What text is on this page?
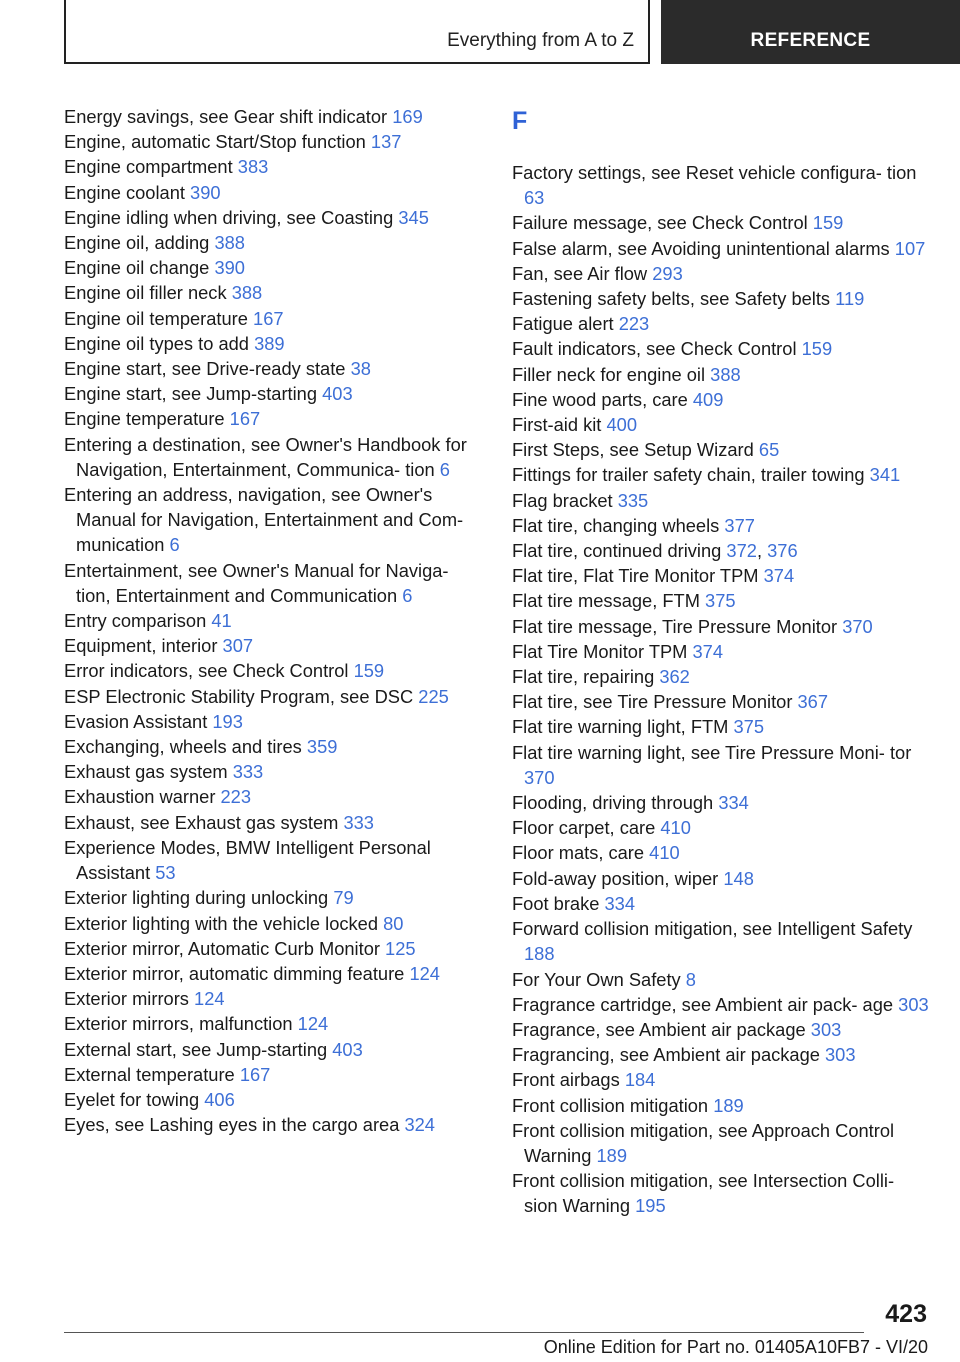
Everything from A to Z	REFERENCE
Energy savings, see Gear shift indicator 169
Engine, automatic Start/Stop function 137
Engine compartment 383
Engine coolant 390
Engine idling when driving, see Coasting 345
Engine oil, adding 388
Engine oil change 390
Engine oil filler neck 388
Engine oil temperature 167
Engine oil types to add 389
Engine start, see Drive-ready state 38
Engine start, see Jump-starting 403
Engine temperature 167
Entering a destination, see Owner's Handbook for Navigation, Entertainment, Communica‑ tion 6
Entering an address, navigation, see Owner's Manual for Navigation, Entertainment and Com‑ munication 6
Entertainment, see Owner's Manual for Naviga‑ tion, Entertainment and Communication 6
Entry comparison 41
Equipment, interior 307
Error indicators, see Check Control 159
ESP Electronic Stability Program, see DSC 225
Evasion Assistant 193
Exchanging, wheels and tires 359
Exhaust gas system 333
Exhaustion warner 223
Exhaust, see Exhaust gas system 333
Experience Modes, BMW Intelligent Personal Assistant 53
Exterior lighting during unlocking 79
Exterior lighting with the vehicle locked 80
Exterior mirror, Automatic Curb Monitor 125
Exterior mirror, automatic dimming feature 124
Exterior mirrors 124
Exterior mirrors, malfunction 124
External start, see Jump-starting 403
External temperature 167
Eyelet for towing 406
Eyes, see Lashing eyes in the cargo area 324
F
Factory settings, see Reset vehicle configura‑ tion 63
Failure message, see Check Control 159
False alarm, see Avoiding unintentional alarms 107
Fan, see Air flow 293
Fastening safety belts, see Safety belts 119
Fatigue alert 223
Fault indicators, see Check Control 159
Filler neck for engine oil 388
Fine wood parts, care 409
First-aid kit 400
First Steps, see Setup Wizard 65
Fittings for trailer safety chain, trailer towing 341
Flag bracket 335
Flat tire, changing wheels 377
Flat tire, continued driving 372, 376
Flat tire, Flat Tire Monitor TPM 374
Flat tire message, FTM 375
Flat tire message, Tire Pressure Monitor 370
Flat Tire Monitor TPM 374
Flat tire, repairing 362
Flat tire, see Tire Pressure Monitor 367
Flat tire warning light, FTM 375
Flat tire warning light, see Tire Pressure Moni‑ tor 370
Flooding, driving through 334
Floor carpet, care 410
Floor mats, care 410
Fold-away position, wiper 148
Foot brake 334
Forward collision mitigation, see Intelligent Safety 188
For Your Own Safety 8
Fragrance cartridge, see Ambient air pack‑ age 303
Fragrance, see Ambient air package 303
Fragrancing, see Ambient air package 303
Front airbags 184
Front collision mitigation 189
Front collision mitigation, see Approach Control Warning 189
Front collision mitigation, see Intersection Colli‑ sion Warning 195
423
Online Edition for Part no. 01405A10FB7 - VI/20
